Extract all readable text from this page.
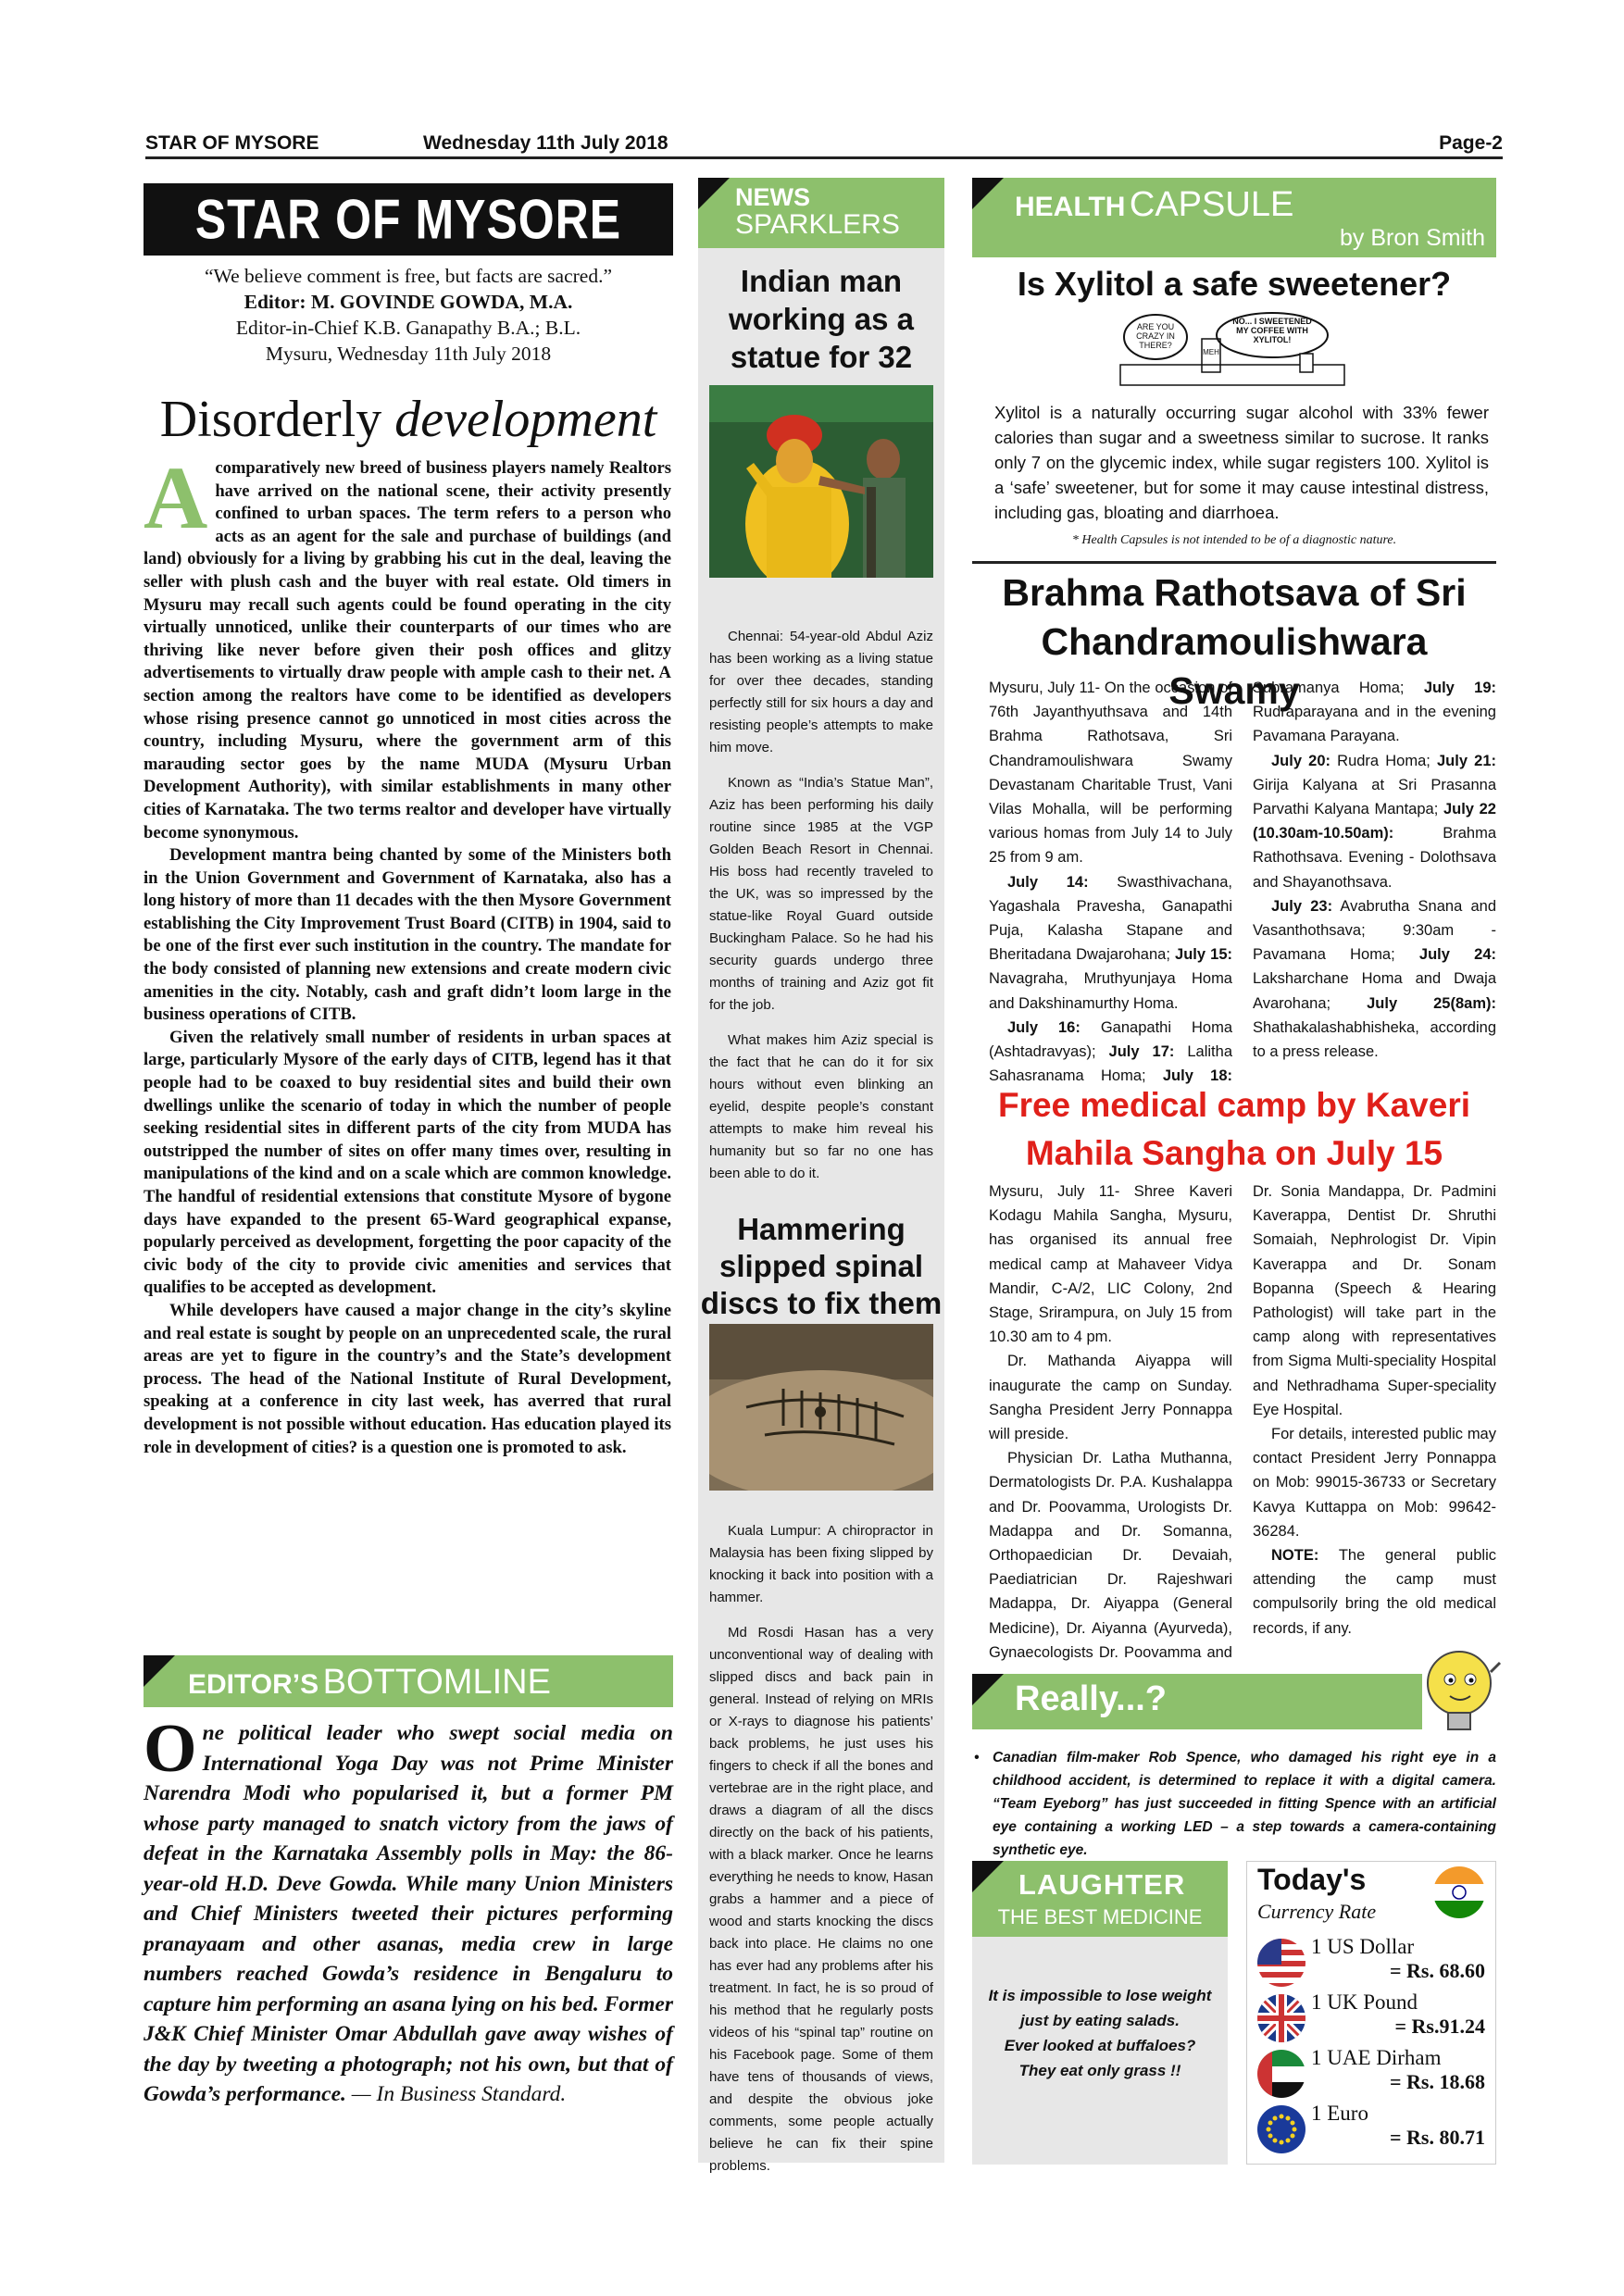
STAR OF MYSORE	Wednesday 11th July 2018	Page-2
STAR OF MYSORE
“We believe comment is free, but facts are sacred.”
Editor: M. GOVINDE GOWDA, M.A.
Editor-in-Chief K.B. Ganapathy B.A.; B.L.
Mysuru, Wednesday 11th July 2018
Disorderly development
A comparatively new breed of business players namely Realtors have arrived on the national scene, their activity presently confined to urban spaces. The term refers to a person who acts as an agent for the sale and purchase of buildings (and land) obviously for a living by grabbing his cut in the deal, leaving the seller with plush cash and the buyer with real estate. Old timers in Mysuru may recall such agents could be found operating in the city virtually unnoticed, unlike their counterparts of our times who are thriving like never before given their posh offices and glitzy advertisements to virtually draw people with ample cash to their net. A section among the realtors have come to be identified as developers whose rising presence cannot go unnoticed in most cities across the country, including Mysuru, where the government arm of this marauding sector goes by the name MUDA (Mysuru Urban Development Authority), with similar establishments in many other cities of Karnataka. The two terms realtor and developer have virtually become synonymous.

Development mantra being chanted by some of the Ministers both in the Union Government and Government of Karnataka, also has a long history of more than 11 decades with the then Mysore Government establishing the City Improvement Trust Board (CITB) in 1904, said to be one of the first ever such institution in the country. The mandate for the body consisted of planning new extensions and create modern civic amenities in the city. Notably, cash and graft didn’t loom large in the business operations of CITB.

Given the relatively small number of residents in urban spaces at large, particularly Mysore of the early days of CITB, legend has it that people had to be coaxed to buy residential sites and build their own dwellings unlike the scenario of today in which the number of people seeking residential sites in different parts of the city from MUDA has outstripped the number of sites on offer many times over, resulting in manipulations of the kind and on a scale which are common knowledge. The handful of residential extensions that constitute Mysore of bygone days have expanded to the present 65-Ward geographical expanse, popularly perceived as development, forgetting the poor capacity of the civic body of the city to provide civic amenities and services that qualifies to be accepted as development.

While developers have caused a major change in the city’s skyline and real estate is sought by people on an unprecedented scale, the rural areas are yet to figure in the country’s and the State’s development process. The head of the National Institute of Rural Development, speaking at a conference in city last week, has averred that rural development is not possible without education. Has education played its role in development of cities? is a question one is promoted to ask.

EDITOR’S BOTTOMLINE
O ne political leader who swept social media on International Yoga Day was not Prime Minister Narendra Modi who popularised it, but a former PM whose party managed to snatch victory from the jaws of defeat in the Karnataka Assembly polls in May: the 86-year-old H.D. Deve Gowda. While many Union Ministers and Chief Ministers tweeted their pictures performing pranayaam and other asanas, media crew in large numbers reached Gowda’s residence in Bengaluru to capture him performing an asana lying on his bed. Former J&K Chief Minister Omar Abdullah gave away wishes of the day by tweeting a photograph; not his own, but that of Gowda’s performance. — In Business Standard.
NEWS
SPARKLERS
Indian man working as a statue for 32

Chennai: 54-year-old Abdul Aziz has been working as a living statue for over thee decades, standing perfectly still for six hours a day and resisting people’s attempts to make him move.

Known as “India’s Statue Man”, Aziz has been performing his daily routine since 1985 at the VGP Golden Beach Resort in Chennai. His boss had recently traveled to the UK, was so impressed by the statue-like Royal Guard outside Buckingham Palace. So he had his security guards undergo three months of training and Aziz got fit for the job.

What makes him Aziz special is the fact that he can do it for six hours without even blinking an eyelid, despite people’s constant attempts to make him reveal his humanity but so far no one has been able to do it.

Hammering slipped spinal discs to fix them

Kuala Lumpur: A chiropractor in Malaysia has been fixing slipped by knocking it back into position with a hammer.

Md Rosdi Hasan has a very unconventional way of dealing with slipped discs and back pain in general. Instead of relying on MRIs or X-rays to diagnose his patients’ back problems, he just uses his fingers to check if all the bones and vertebrae are in the right place, and draws a diagram of all the discs directly on the back of his patients, with a black marker. Once he learns everything he needs to know, Hasan grabs a hammer and a piece of wood and starts knocking the discs back into place. He claims no one has ever had any problems after his treatment. In fact, he is so proud of his method that he regularly posts videos of his “spinal tap” routine on his Facebook page. Some of them have tens of thousands of views, and despite the obvious joke comments, some people actually believe he can fix their spine problems.

HEALTH CAPSULE
by Bron Smith
Is Xylitol a safe sweetener?
ARE YOU CRAZY IN THERE?
MEH
NO... I SWEETENED MY COFFEE WITH XYLITOL!
Xylitol is a naturally occurring sugar alcohol with 33% fewer calories than sugar and a sweetness similar to sucrose. It ranks only 7 on the glycemic index, while sugar registers 100. Xylitol is a ‘safe’ sweetener, but for some it may cause intestinal distress, including gas, bloating and diarrhoea.
* Health Capsules is not intended to be of a diagnostic nature.
Brahma Rathotsava of Sri Chandramoulishwara Swamy

Mysuru, July 11- On the occasion of 76th Jayanthyuthsava and 14th Brahma Rathotsava, Sri Chandramoulishwara Swamy Devastanam Charitable Trust, Vani Vilas Mohalla, will be performing various homas from July 14 to July 25 from 9 am.

July 14: Swasthivachana, Yagashala Pravesha, Ganapathi Puja, Kalasha Stapane and Bheritadana Dwajarohana; July 15: Navagraha, Mruthyunjaya Homa and Dakshinamurthy Homa.

July 16: Ganapathi Homa (Ashtadravyas); July 17: Lalitha Sahasranama Homa; July 18: Subramanya Homa; July 19: Rudraparayana and in the evening Pavamana Parayana.

July 20: Rudra Homa; July 21: Girija Kalyana at Sri Prasanna Parvathi Kalyana Mantapa; July 22 (10.30am-10.50am): Brahma Rathothsava. Evening - Dolothsava and Shayanothsava.

July 23: Avabrutha Snana and Vasanthothsava; 9:30am - Pavamana Homa; July 24: Laksharchane Homa and Dwaja Avarohana; July 25(8am): Shathakalashabhisheka, according to a press release.

Free medical camp by Kaveri Mahila Sangha on July 15

Mysuru, July 11- Shree Kaveri Kodagu Mahila Sangha, Mysuru, has organised its annual free medical camp at Mahaveer Vidya Mandir, C-A/2, LIC Colony, 2nd Stage, Srirampura, on July 15 from 10.30 am to 4 pm.

Dr. Mathanda Aiyappa will inaugurate the camp on Sunday. Sangha President Jerry Ponnappa will preside.

Physician Dr. Latha Muthanna, Dermatologists Dr. P.A. Kushalappa and Dr. Poovamma, Urologists Dr. Madappa and Dr. Somanna, Orthopaedician Dr. Devaiah, Paediatrician Dr. Rajeshwari Madappa, Dr. Aiyappa (General Medicine), Dr. Aiyanna (Ayurveda), Gynaecologists Dr. Poovamma and Dr. Sonia Mandappa, Dr. Padmini Kaverappa, Dentist Dr. Shruthi Somaiah, Nephrologist Dr. Vipin Kaverappa and Dr. Sonam Bopanna (Speech & Hearing Pathologist) will take part in the camp along with representatives from Sigma Multi-speciality Hospital and Nethradhama Super-speciality Eye Hospital.

For details, interested public may contact President Jerry Ponnappa on Mob: 99015-36733 or Secretary Kavya Kuttappa on Mob: 99642-36284.

NOTE: The general public attending the camp must compulsorily bring the old medical records, if any.

Really...?
• Canadian film-maker Rob Spence, who damaged his right eye in a childhood accident, is determined to replace it with a digital camera. “Team Eyeborg” has just succeeded in fitting Spence with an artificial eye containing a working LED – a step towards a camera-containing synthetic eye.
LAUGHTER
THE BEST MEDICINE
It is impossible to lose weight just by eating salads.
Ever looked at buffaloes? They eat only grass !!
Today's
Currency Rate
1 US Dollar
= Rs. 68.60
1 UK Pound
= Rs.91.24
1 UAE Dirham
= Rs. 18.68
1 Euro
= Rs. 80.71
